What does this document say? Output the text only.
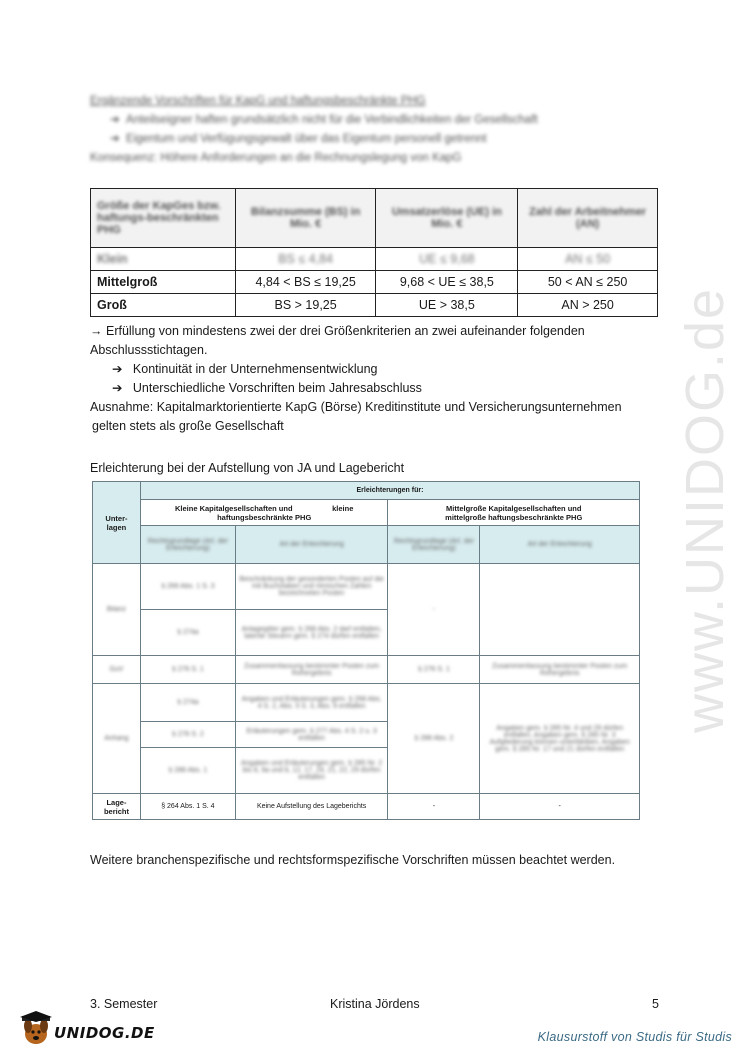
www.UNIDOG.de
Ergänzende Vorschriften für KapG und haftungsbeschränkte PHG
➔  Anteilseigner haften grundsätzlich nicht für die Verbindlichkeiten der Gesellschaft
➔  Eigentum und Verfügungsgewalt über das Eigentum personell getrennt
Konsequenz: Höhere Anforderungen an die Rechnungslegung von KapG
Größe der KapGes bzw. haftungs-beschränkten PHG	Bilanzsumme (BS) in Mio. €	Umsatzerlöse (UE) in Mio. €	Zahl der Arbeitnehmer (AN)

Klein	BS ≤ 4,84	UE ≤ 9,68	AN ≤ 50
Mittelgroß	4,84 < BS ≤ 19,25	9,68 < UE ≤ 38,5	50 < AN ≤ 250
Groß	BS > 19,25	UE > 38,5	AN > 250
→ Erfüllung von mindestens zwei der drei Größenkriterien an zwei aufeinander folgenden
Abschlussstichtagen.
➔   Kontinuität in der Unternehmensentwicklung
➔   Unterschiedliche Vorschriften beim Jahresabschluss
Ausnahme: Kapitalmarktorientierte KapG (Börse) Kreditinstitute und Versicherungsunternehmen
gelten stets als große Gesellschaft
Erleichterung bei der Aufstellung von JA und Lagebericht
Unter-lagen	Erleichterungen für:			
	Kleine Kapitalgesellschaften und kleine
haftungsbeschränkte PHG		Mittelgroße Kapitalgesellschaften und
mittelgroße haftungsbeschränkte PHG	
	Rechtsgrundlage (Art. der Erleichterung)	Art der Erleichterung	Rechtsgrundlage (Art. der Erleichterung)	Art der Erleichterung
Bilanz	§ 266 Abs. 1 S. 3	Beschränkung der gesonderten Posten auf die mit Buchstaben und römischen Zahlen bezeichneten Posten	-	
	§ 274a	Anlagegitter gem. § 268 Abs. 2 darf entfallen, latente Steuern gem. § 274 dürfen entfallen		
GuV	§ 276 S. 1	Zusammenfassung bestimmter Posten zum Rohergebnis	§ 276 S. 1	Zusammenfassung bestimmter Posten zum Rohergebnis
Anhang	§ 274a	Angaben und Erläuterungen gem. § 268 Abs. 4 S. 2, Abs. 5 S. 3, Abs. 6 entfallen	§ 288 Abs. 2	Angaben gem. § 285 Nr. 4 und 29 dürfen entfallen, Angaben gem. § 285 Nr. 3 Aufgliederung können unterbleiben, Angaben gem. § 285 Nr. 17 und 21 dürfen entfallen
	§ 276 S. 2	Erläuterungen gem. § 277 Abs. 4 S. 2 u. 3 entfallen		
	§ 288 Abs. 1	Angaben und Erläuterungen gem. § 285 Nr. 2 bis 8, 9a und b, 12, 17, 19, 21, 22, 29 dürfen entfallen		
Lage-bericht	§ 264 Abs. 1 S. 4	Keine Aufstellung des Lageberichts	-	-
Weitere branchenspezifische und rechtsformspezifische Vorschriften müssen beachtet werden.
3. Semester	Kristina Jördens	5
UNIDOG.DE	Klausurstoff von Studis für Studis
